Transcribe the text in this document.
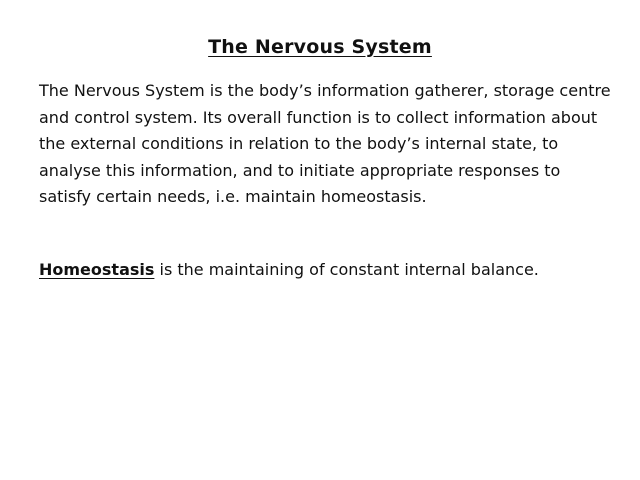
The Nervous System

The Nervous System is the body’s information gatherer, storage centre and control system. Its overall function is to collect information about the external conditions in relation to the body’s internal state, to analyse this information, and to initiate appropriate responses to satisfy certain needs, i.e. maintain homeostasis.

Homeostasis is the maintaining of constant internal balance.
